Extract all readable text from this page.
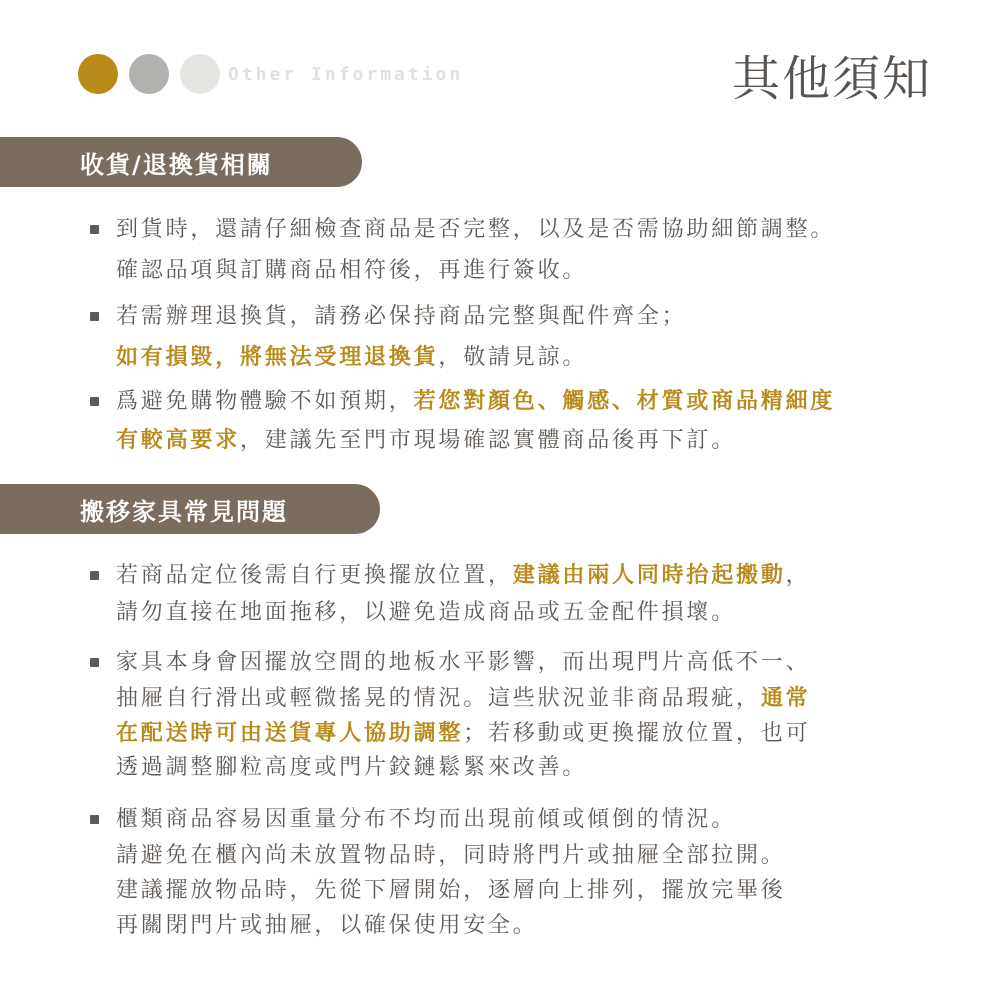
Other Information	其他須知
收貨/退換貨相關
到貨時，還請仔細檢查商品是否完整，以及是否需協助細節調整。
確認品項與訂購商品相符後，再進行簽收。
若需辦理退換貨，請務必保持商品完整與配件齊全；
如有損毀，將無法受理退換貨，敬請見諒。
爲避免購物體驗不如預期，若您對顏色、觸感、材質或商品精細度
有較高要求，建議先至門市現場確認實體商品後再下訂。
搬移家具常見問題
若商品定位後需自行更換擺放位置，建議由兩人同時抬起搬動，
請勿直接在地面拖移，以避免造成商品或五金配件損壞。
家具本身會因擺放空間的地板水平影響，而出現門片高低不一、
抽屜自行滑出或輕微搖晃的情況。這些狀況並非商品瑕疵，通常
在配送時可由送貨專人協助調整；若移動或更換擺放位置，也可
透過調整腳粒高度或門片鉸鏈鬆緊來改善。
櫃類商品容易因重量分布不均而出現前傾或傾倒的情況。
請避免在櫃內尚未放置物品時，同時將門片或抽屜全部拉開。
建議擺放物品時，先從下層開始，逐層向上排列，擺放完畢後
再關閉門片或抽屜，以確保使用安全。
